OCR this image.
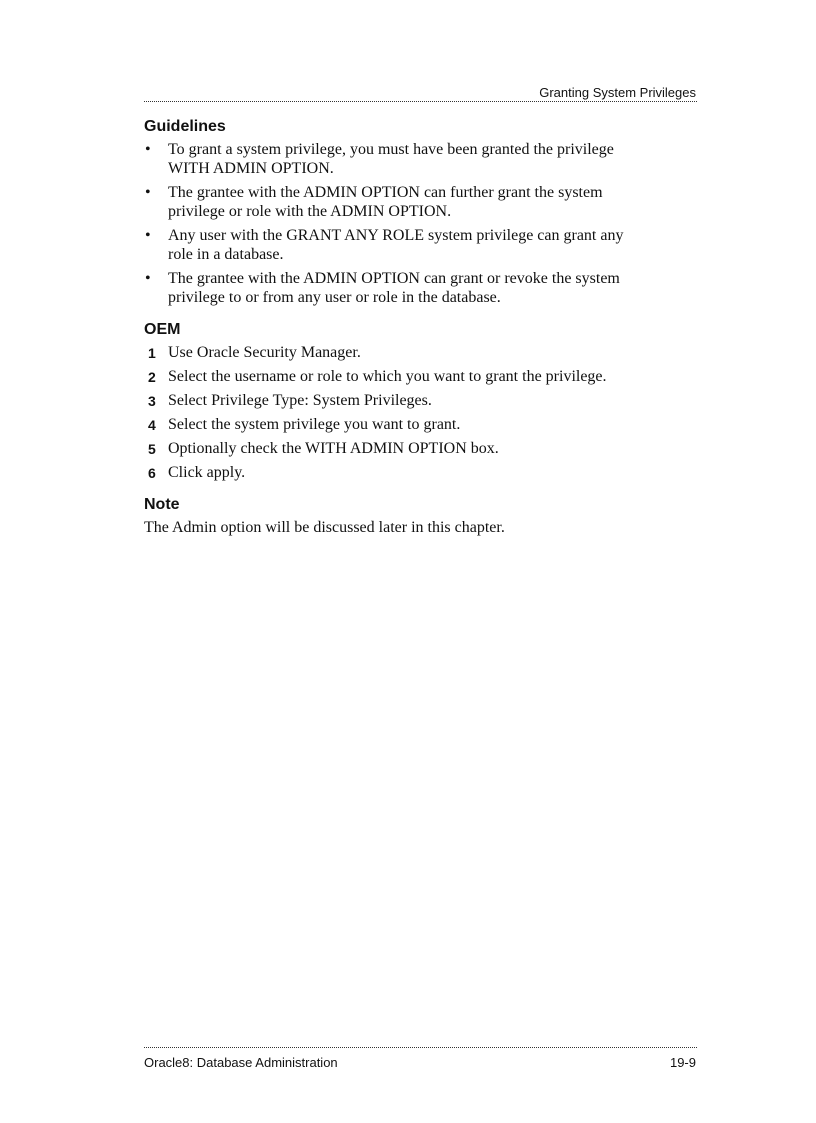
Granting System Privileges
Guidelines
• To grant a system privilege, you must have been granted the privilege WITH ADMIN OPTION.
• The grantee with the ADMIN OPTION can further grant the system privilege or role with the ADMIN OPTION.
• Any user with the GRANT ANY ROLE system privilege can grant any role in a database.
• The grantee with the ADMIN OPTION can grant or revoke the system privilege to or from any user or role in the database.
OEM
1 Use Oracle Security Manager.
2 Select the username or role to which you want to grant the privilege.
3 Select Privilege Type: System Privileges.
4 Select the system privilege you want to grant.
5 Optionally check the WITH ADMIN OPTION box.
6 Click apply.
Note

The Admin option will be discussed later in this chapter.

Oracle8: Database Administration	19-9
